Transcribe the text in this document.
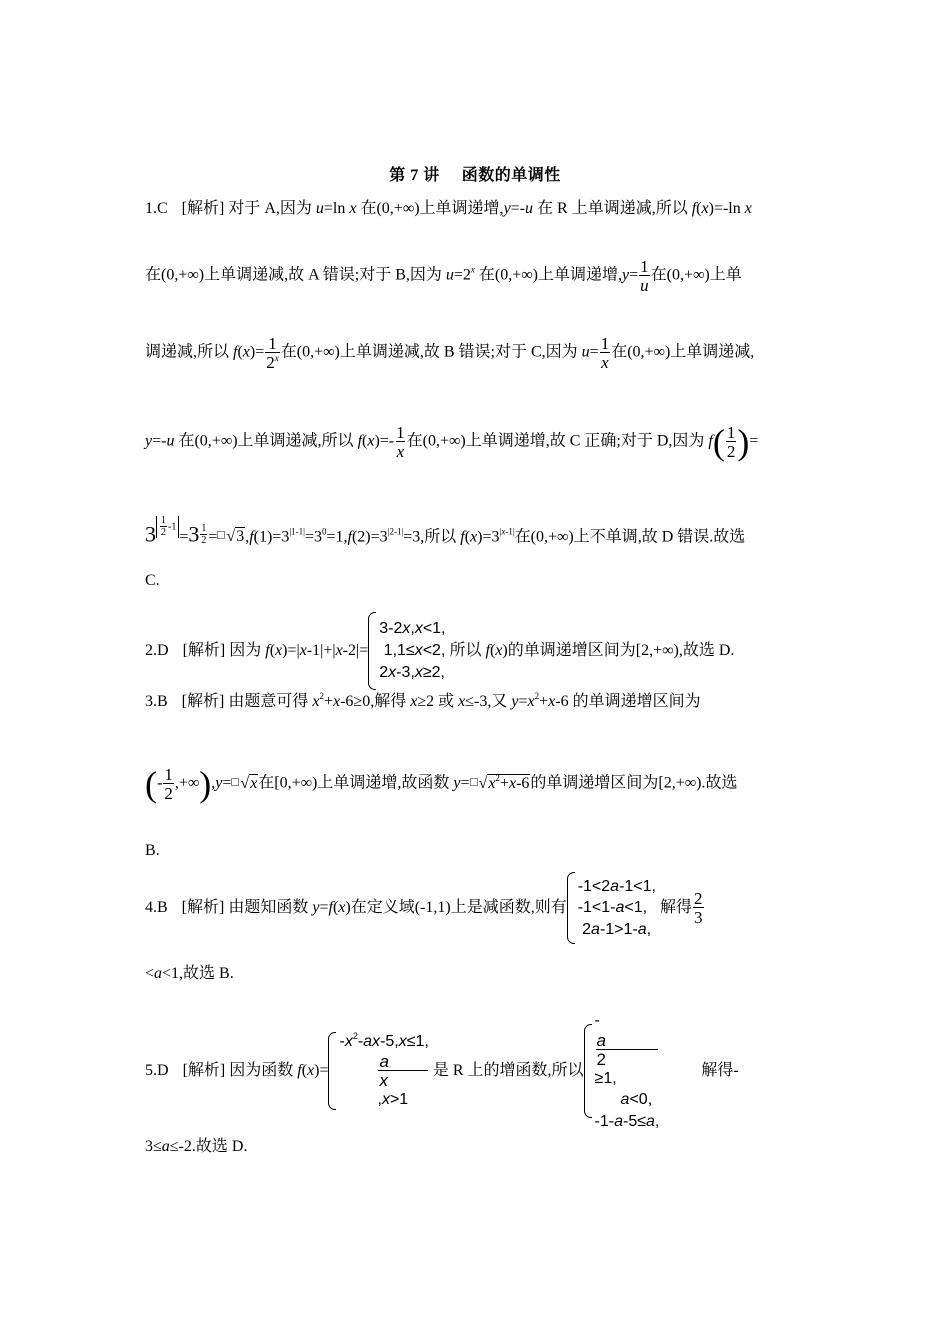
第 7 讲 函数的单调性
1.C [解析] 对于 A,因为 u=ln x 在(0,+∞)上单调递增,y=-u 在 R 上单调递减,所以 f(x)=-ln x
在(0,+∞)上单调递减,故 A 错误;对于 B,因为 $u=2^x$ 在(0,+∞)上单调递增$,y= \frac{1}{u}$ 在(0,+∞)上单
调递减,所以 $f(x)= \frac{1}{2^x}$ 在(0,+∞)上单调递减,故 B 错误;对于 C,因为 $u= \frac{1}{x}$ 在(0,+∞)上单调递减,
y=-u 在(0,+∞)上单调递减,所以 $f(x)=- \frac{1}{x}$ 在(0,+∞)上单调递增,故 C 正确;对于 D,因为 $f( \frac{1}{2}$ )=
$3 \frac{1}{2} -1=3 \frac{1}{2} = √3,f(1)=3^{|1-1|}=3^0=1,f(2)=3^{|2-1|}=3$,所以 $f(x)=3^{|x-1|}$在(0,+∞)上不单调,故 D 错误.故选
C.
2.D [解析] 因为 f(x)=|x-1|+|x-2|=
3-2x,x<1,
1,1≤x<2,
2x-3,x≥2,
所以 f(x)的单调递增区间为[2,+∞),故选 D.
3.B [解析] 由题意可得 $x^2+x-6\ge 0$,解得 x≥2 或 x≤-3,又 $y=x^2+x-6$ 的单调递增区间为
(- $\frac{1}{2} ,+\infty),y= √x$在[0,+∞)上单调递增,故函数 $y= √x^2+x-6$的单调递增区间为[2,+∞).故选
B.
4.B [解析] 由题知函数 y=f(x)在定义域(-1,1)上是减函数,则有
-1<2a-1<1,
-1<1-a<1,
2a-1>1-a,
解得 $\frac{2}{3}$
<a<1,故选 B.
5.D [解析] 因为函数 f(x)=
$-x^2-ax-5,x\le 1$,
a
x
,x>1
是 R 上的增函数,所以
-
a
2
≥1,
a<0,
-1-a-5≤a,
解得-
3≤a≤-2.故选 D.
